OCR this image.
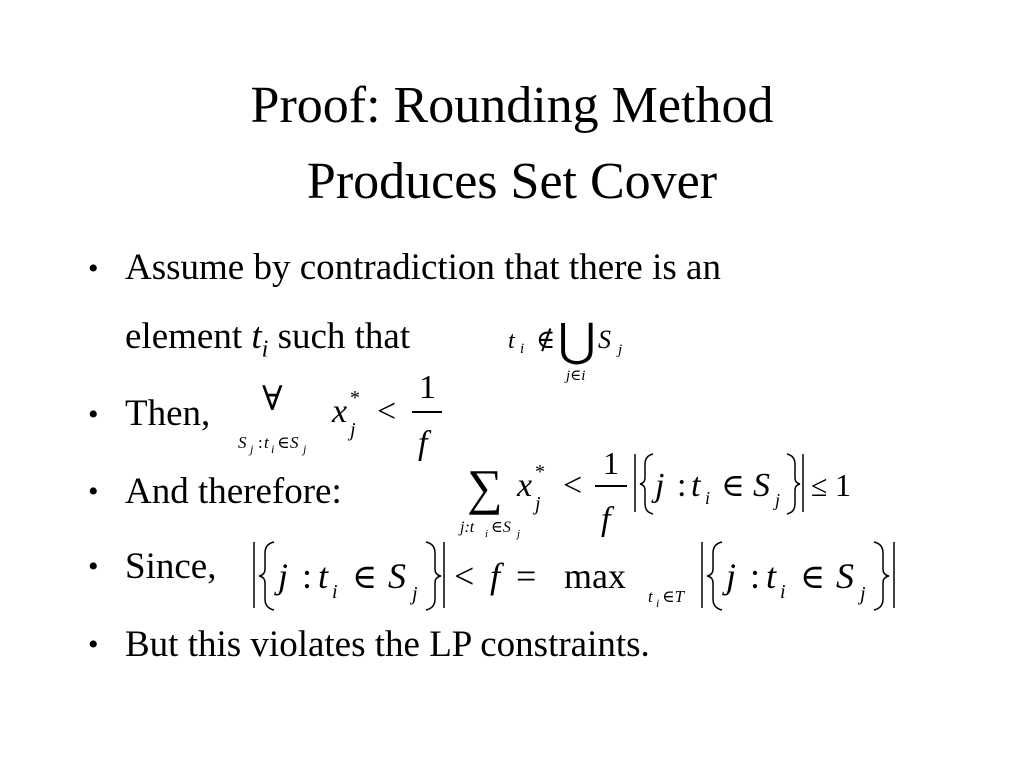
Proof: Rounding Method
Produces Set Cover
• Assume by contradiction that there is an
element $t_i$ such that	t i ∉ ⋃ S j
j∈i
• Then, ∀
S j : t i ∈ S j
x *
j <
1
f
• And therefore:	∑
j:t i ∈S j
x *
j <
1
f
j : t i ∈ S j ≤ 1
• Since, j : t i ∈ S j < f = max
t i ∈T
j : t i ∈ S j
• But this violates the LP constraints.
